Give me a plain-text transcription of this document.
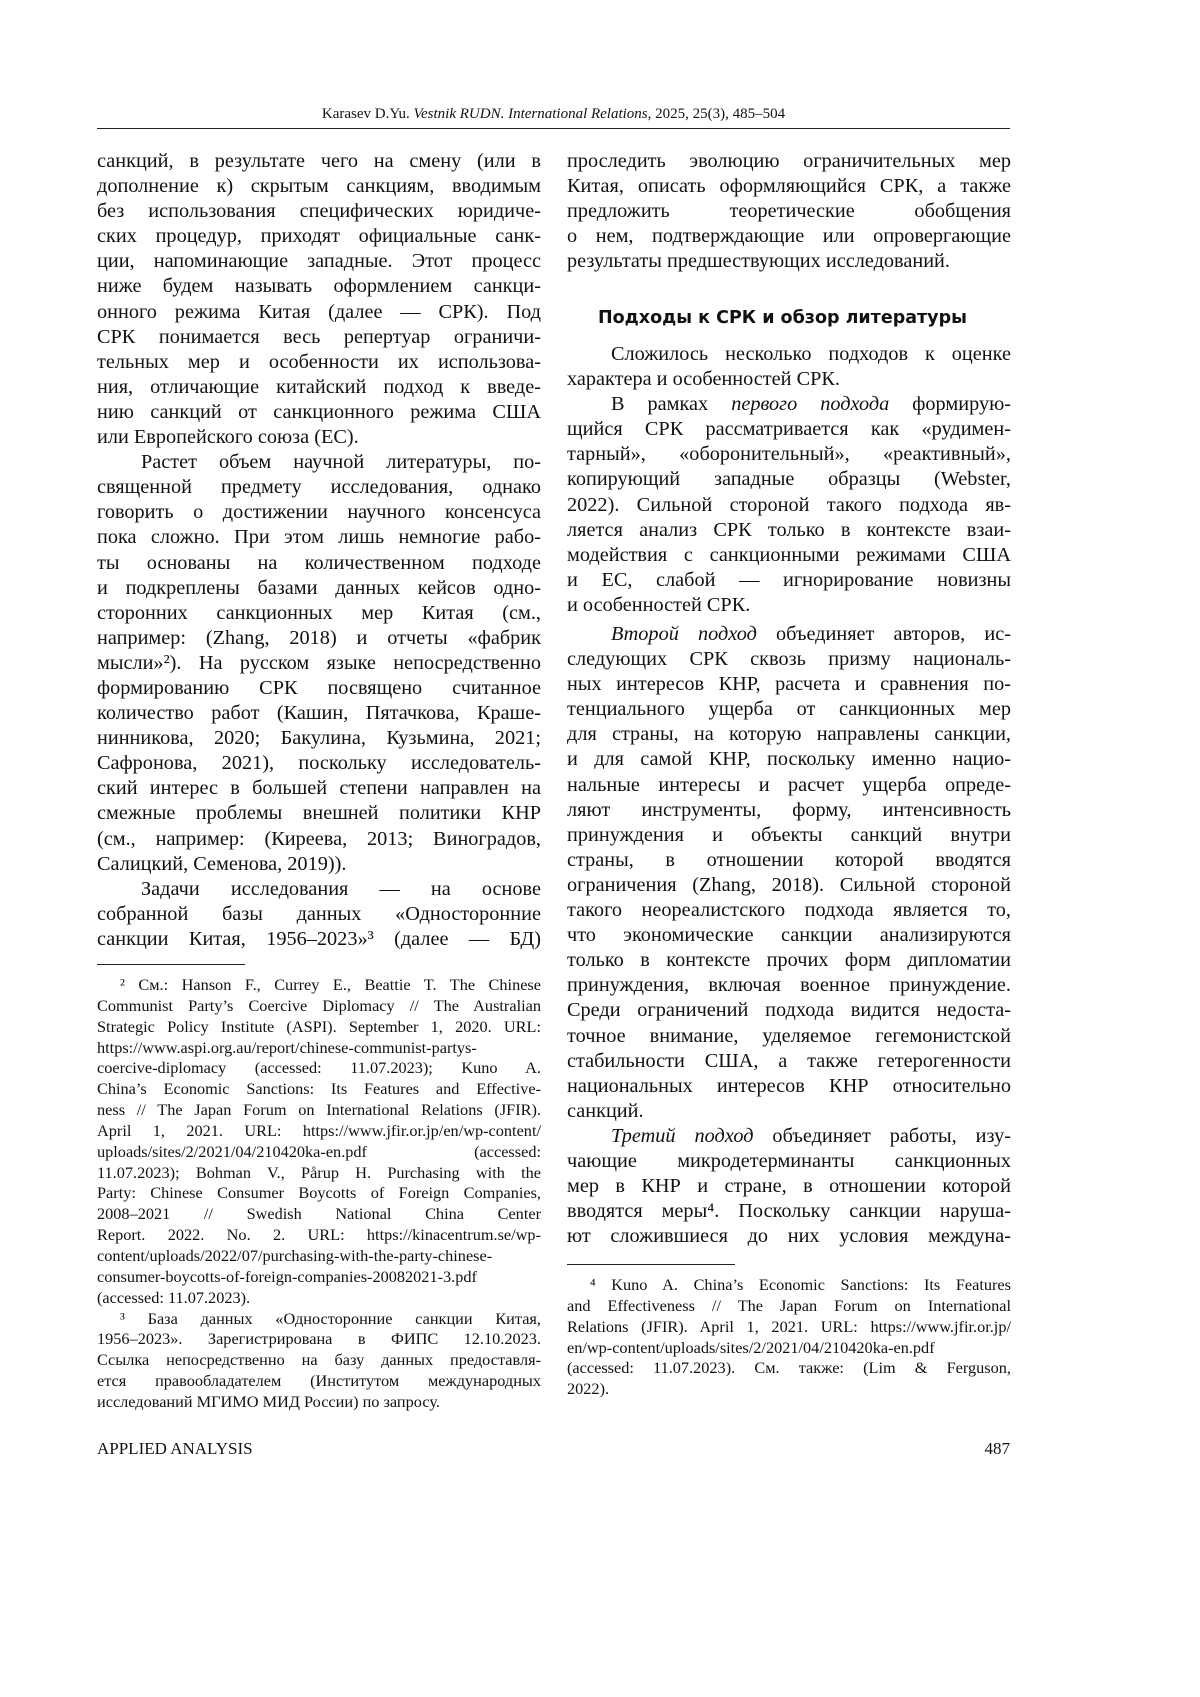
Karasev D.Yu. Vestnik RUDN. International Relations, 2025, 25(3), 485–504
санкций, в результате чего на смену (или в
дополнение к) скрытым санкциям, вводимым
без использования специфических юридиче-
ских процедур, приходят официальные санк-
ции, напоминающие западные. Этот процесс
ниже будем называть оформлением санкци-
онного режима Китая (далее — СРК). Под
СРК понимается весь репертуар ограничи-
тельных мер и особенности их использова-
ния, отличающие китайский подход к введе-
нию санкций от санкционного режима США
или Европейского союза (ЕС).
Растет объем научной литературы, по-
священной предмету исследования, однако
говорить о достижении научного консенсуса
пока сложно. При этом лишь немногие рабо-
ты основаны на количественном подходе
и подкреплены базами данных кейсов одно-
сторонних санкционных мер Китая (см.,
например: (Zhang, 2018) и отчеты «фабрик
мысли»²). На русском языке непосредственно
формированию СРК посвящено считанное
количество работ (Кашин, Пятачкова, Краше-
нинникова, 2020; Бакулина, Кузьмина, 2021;
Сафронова, 2021), поскольку исследователь-
ский интерес в большей степени направлен на
смежные проблемы внешней политики КНР
(см., например: (Киреева, 2013; Виноградов,
Салицкий, Семенова, 2019)).
Задачи исследования — на основе
собранной базы данных «Односторонние
санкции Китая, 1956–2023»³ (далее — БД)
² См.: Hanson F., Currey E., Beattie T. The Chinese
Communist Party’s Coercive Diplomacy // The Australian
Strategic Policy Institute (ASPI). September 1, 2020. URL:
https://www.aspi.org.au/report/chinese-communist-partys-
coercive-diplomacy (accessed: 11.07.2023); Kuno A.
China’s Economic Sanctions: Its Features and Effective-
ness // The Japan Forum on International Relations (JFIR).
April 1, 2021. URL: https://www.jfir.or.jp/en/wp-content/
uploads/sites/2/2021/04/210420ka-en.pdf (accessed:
11.07.2023); Bohman V., Pårup H. Purchasing with the
Party: Chinese Consumer Boycotts of Foreign Companies,
2008–2021 // Swedish National China Center
Report. 2022. No. 2. URL: https://kinacentrum.se/wp-
content/uploads/2022/07/purchasing-with-the-party-chinese-
consumer-boycotts-of-foreign-companies-20082021-3.pdf
(accessed: 11.07.2023).
³ База данных «Односторонние санкции Китая,
1956–2023». Зарегистрирована в ФИПС 12.10.2023.
Ссылка непосредственно на базу данных предоставля-
ется правообладателем (Институтом международных
исследований МГИМО МИД России) по запросу.
проследить эволюцию ограничительных мер
Китая, описать оформляющийся СРК, а также
предложить теоретические обобщения
о нем, подтверждающие или опровергающие
результаты предшествующих исследований.
Подходы к СРК и обзор литературы
Сложилось несколько подходов к оценке
характера и особенностей СРК.
В рамках первого подхода формирую-
щийся СРК рассматривается как «рудимен-
тарный», «оборонительный», «реактивный»,
копирующий западные образцы (Webster,
2022). Сильной стороной такого подхода яв-
ляется анализ СРК только в контексте взаи-
модействия с санкционными режимами США
и ЕС, слабой — игнорирование новизны
и особенностей СРК.
Второй подход объединяет авторов, ис-
следующих СРК сквозь призму националь-
ных интересов КНР, расчета и сравнения по-
тенциального ущерба от санкционных мер
для страны, на которую направлены санкции,
и для самой КНР, поскольку именно нацио-
нальные интересы и расчет ущерба опреде-
ляют инструменты, форму, интенсивность
принуждения и объекты санкций внутри
страны, в отношении которой вводятся
ограничения (Zhang, 2018). Сильной стороной
такого неореалистского подхода является то,
что экономические санкции анализируются
только в контексте прочих форм дипломатии
принуждения, включая военное принуждение.
Среди ограничений подхода видится недоста-
точное внимание, уделяемое гегемонистской
стабильности США, а также гетерогенности
национальных интересов КНР относительно
санкций.
Третий подход объединяет работы, изу-
чающие микродетерминанты санкционных
мер в КНР и стране, в отношении которой
вводятся меры⁴. Поскольку санкции наруша-
ют сложившиеся до них условия междуна-
⁴ Kuno A. China’s Economic Sanctions: Its Features
and Effectiveness // The Japan Forum on International
Relations (JFIR). April 1, 2021. URL: https://www.jfir.or.jp/
en/wp-content/uploads/sites/2/2021/04/210420ka-en.pdf
(accessed: 11.07.2023). См. также: (Lim & Ferguson,
2022).
APPLIED ANALYSIS	487
